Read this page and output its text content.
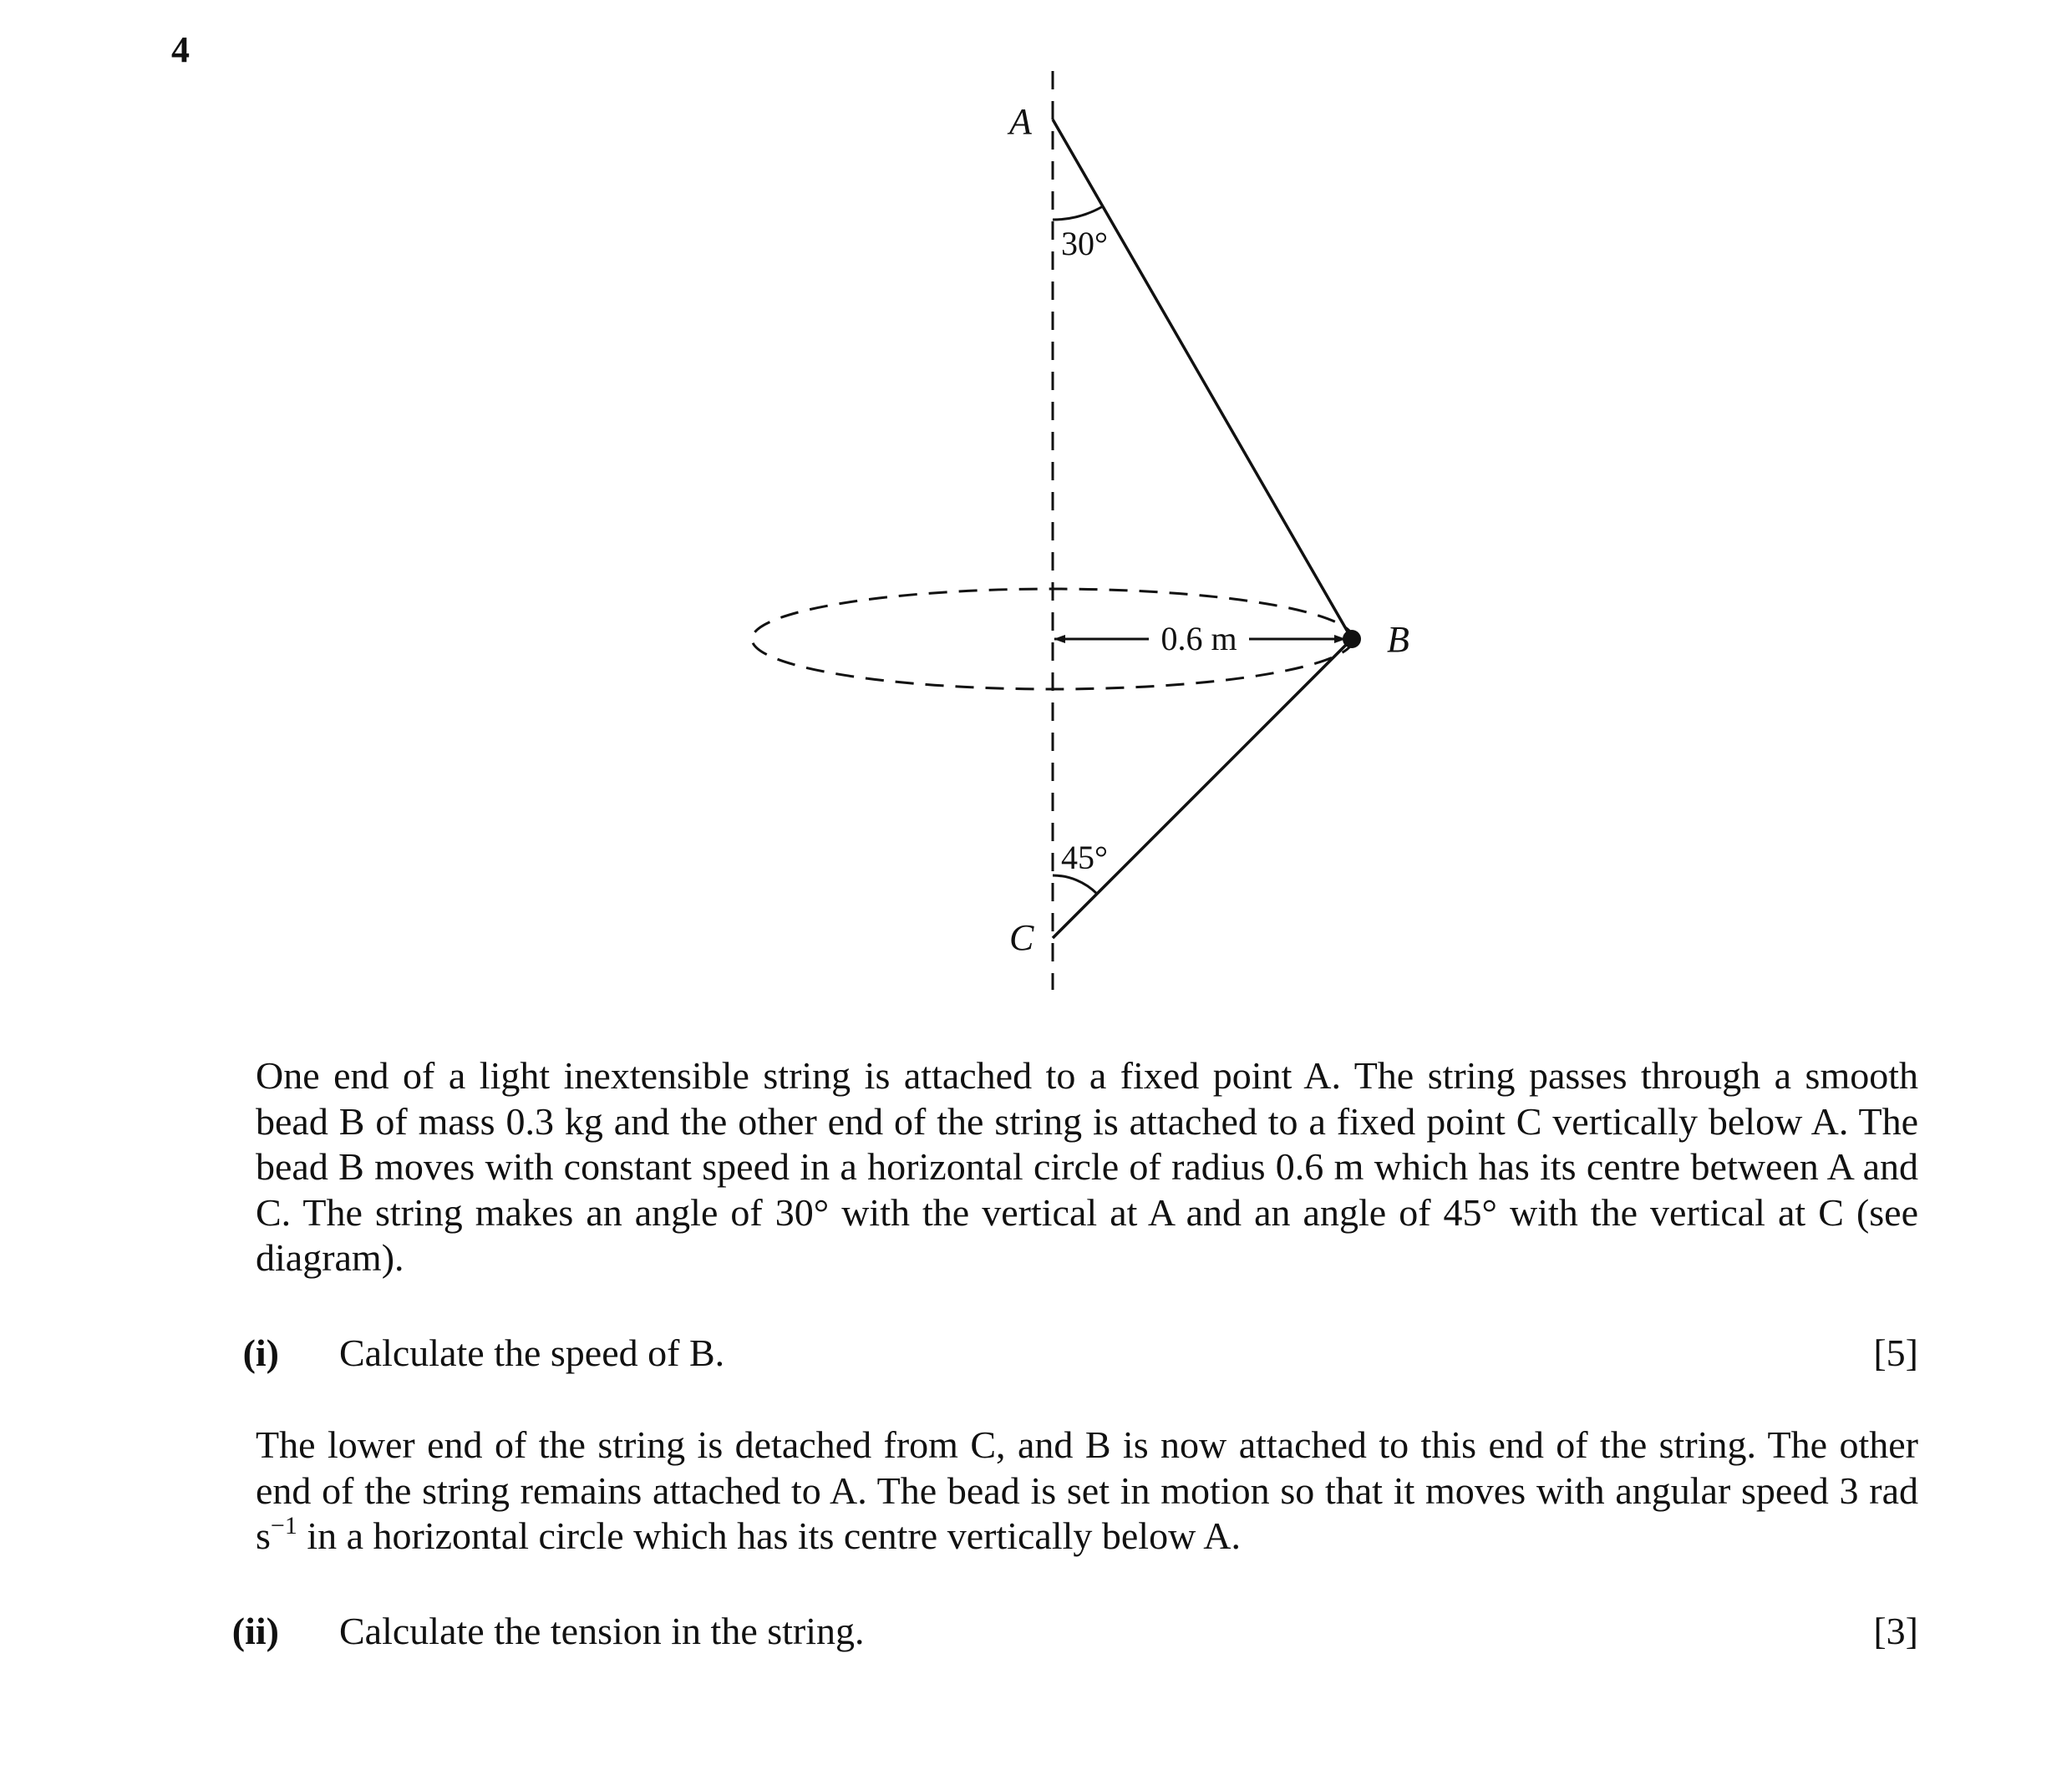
4
A
B
C
30°
45°
0.6 m

One end of a light inextensible string is attached to a fixed point A. The string passes through a smooth bead B of mass 0.3 kg and the other end of the string is attached to a fixed point C vertically below A. The bead B moves with constant speed in a horizontal circle of radius 0.6 m which has its centre between A and C. The string makes an angle of 30° with the vertical at A and an angle of 45° with the vertical at C (see diagram).

(i) Calculate the speed of B.	[5]

The lower end of the string is detached from C, and B is now attached to this end of the string. The other end of the string remains attached to A. The bead is set in motion so that it moves with angular speed 3 rad $s^{-1}$ in a horizontal circle which has its centre vertically below A.

(ii) Calculate the tension in the string.	[3]
